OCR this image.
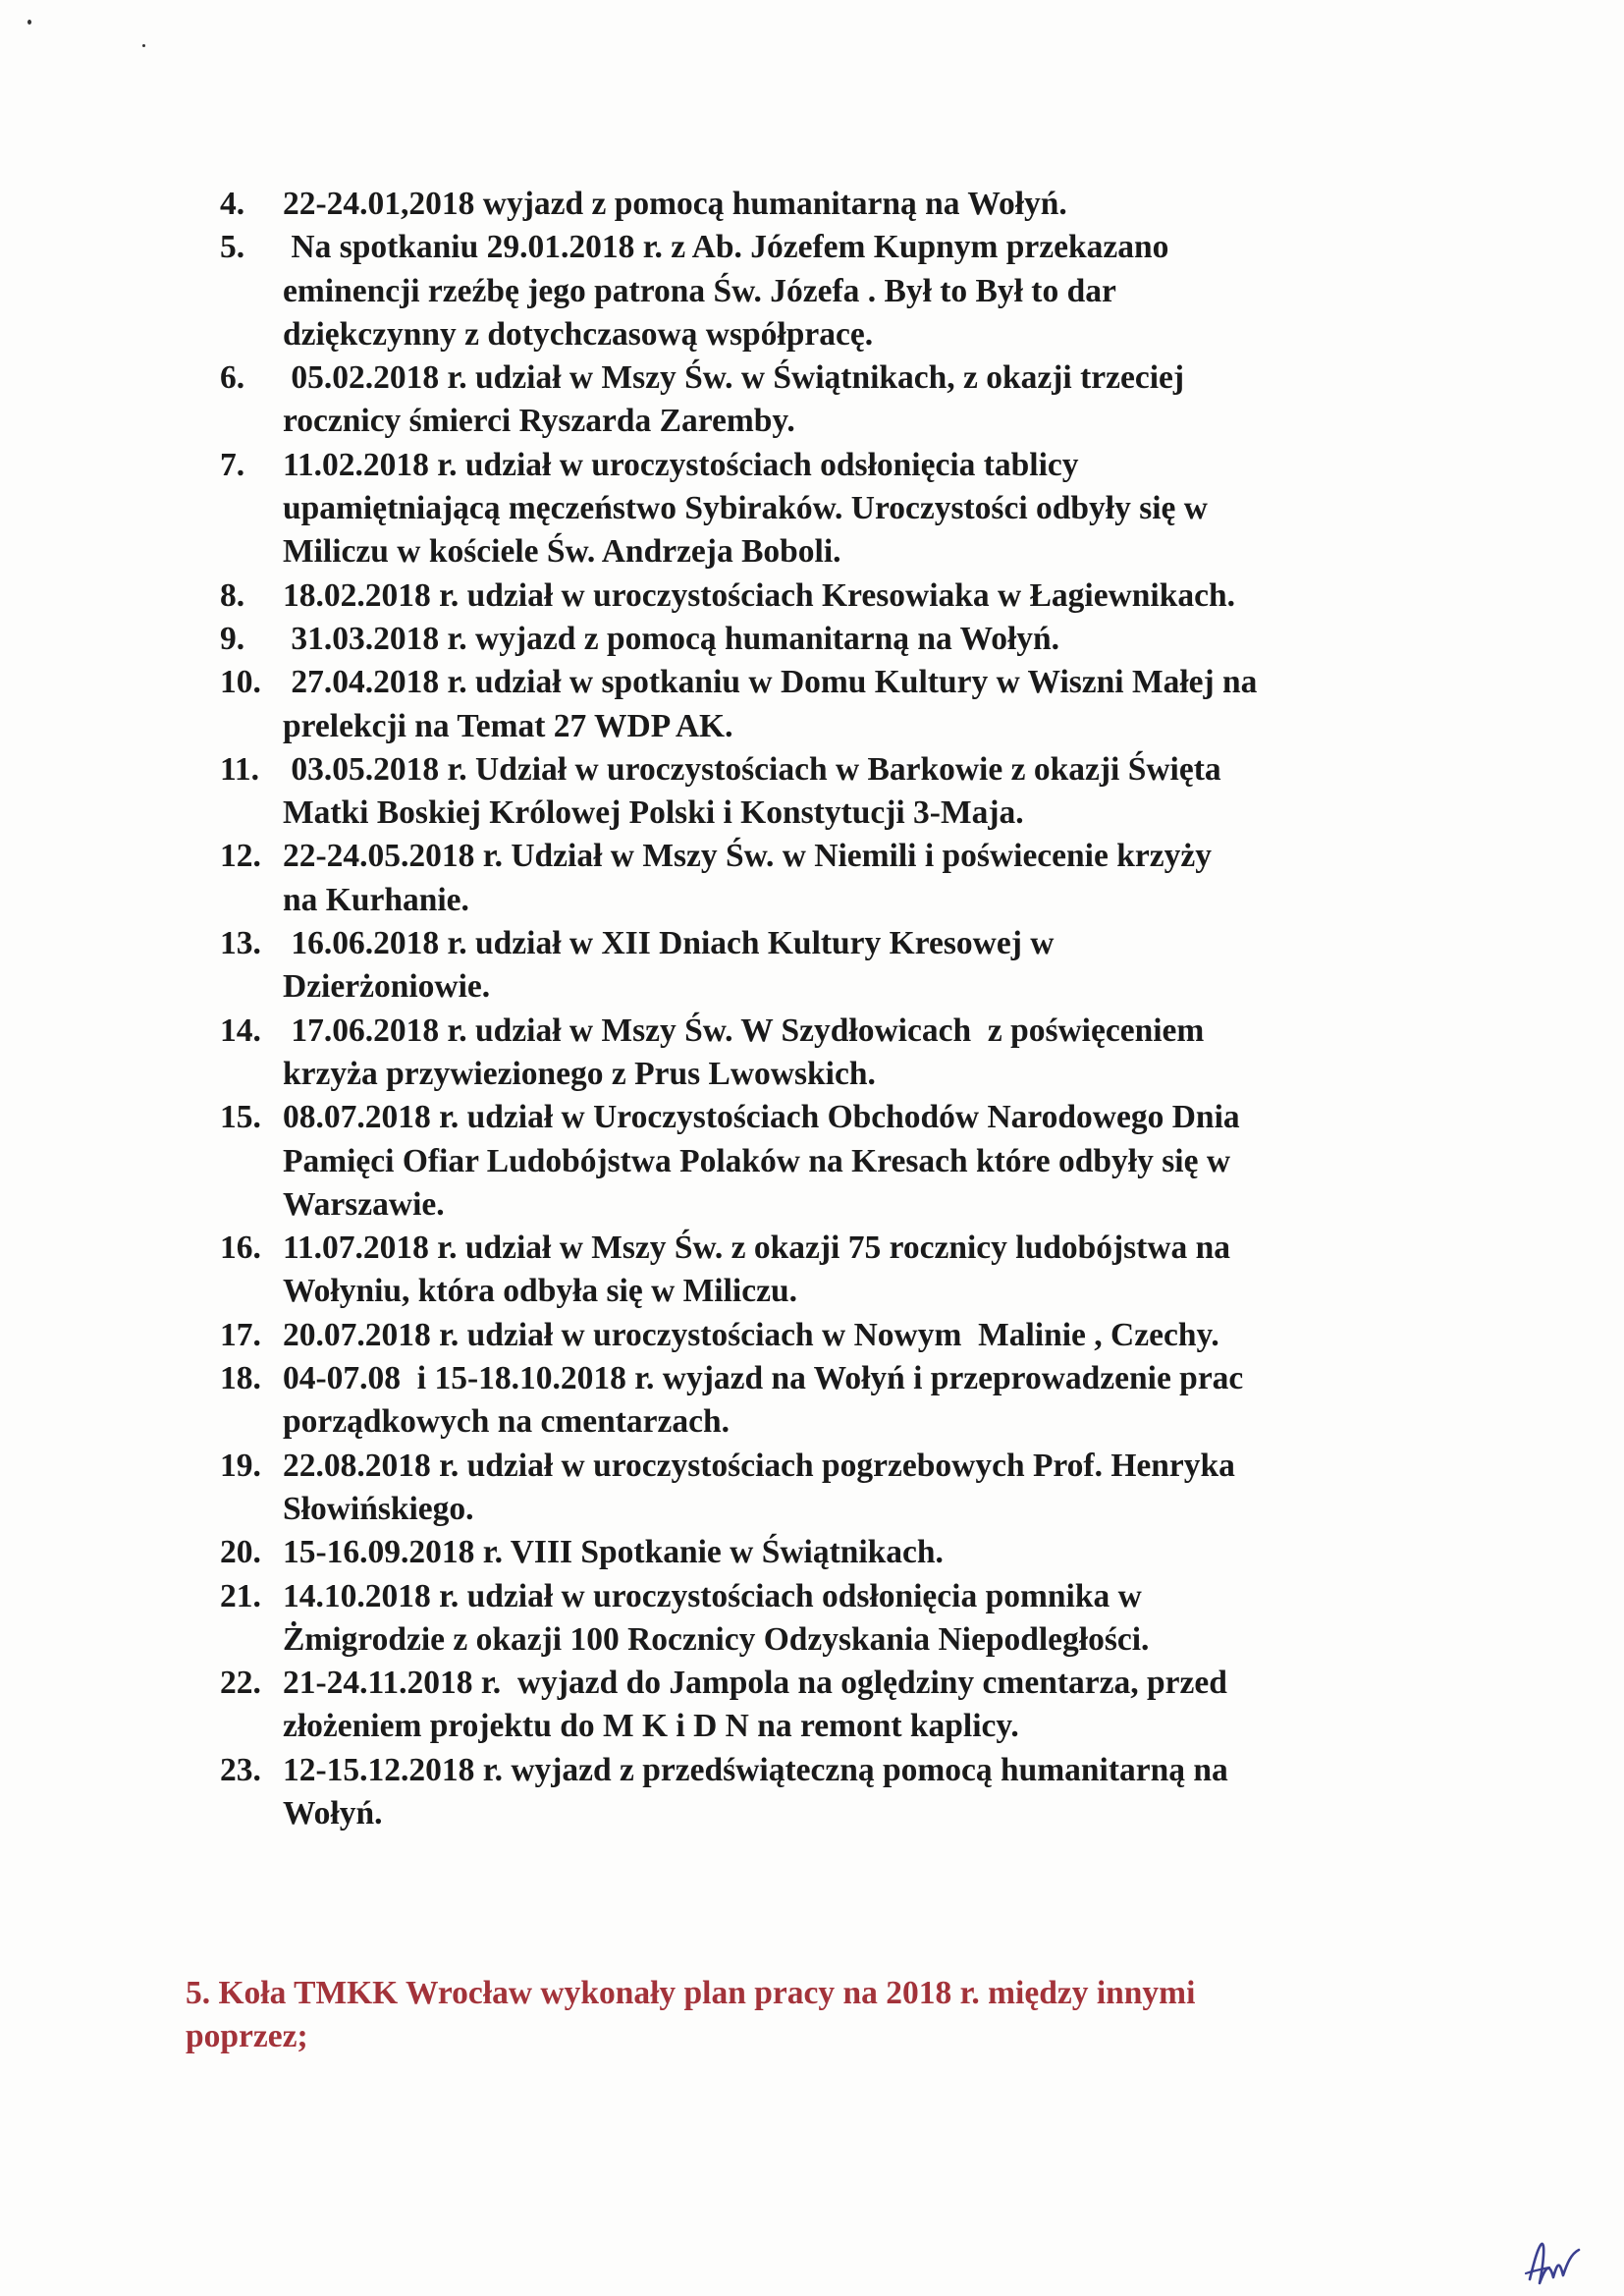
4.	22-24.01,2018 wyjazd z pomocą humanitarną na Wołyń.
5.	Na spotkaniu 29.01.2018 r. z Ab. Józefem Kupnym przekazano
eminencji rzeźbę jego patrona Św. Józefa . Był to Był to dar
dziękczynny z dotychczasową współpracę.
6.	05.02.2018 r. udział w Mszy Św. w Świątnikach, z okazji trzeciej
rocznicy śmierci Ryszarda Zaremby.
7.	11.02.2018 r. udział w uroczystościach odsłonięcia tablicy
upamiętniającą męczeństwo Sybiraków. Uroczystości odbyły się w
Miliczu w kościele Św. Andrzeja Boboli.
8.	18.02.2018 r. udział w uroczystościach Kresowiaka w Łagiewnikach.
9.	31.03.2018 r. wyjazd z pomocą humanitarną na Wołyń.
10. 27.04.2018 r. udział w spotkaniu w Domu Kultury w Wiszni Małej na
prelekcji na Temat 27 WDP AK.
11. 03.05.2018 r. Udział w uroczystościach w Barkowie z okazji Święta
Matki Boskiej Królowej Polski i Konstytucji 3-Maja.
12. 22-24.05.2018 r. Udział w Mszy Św. w Niemili i poświecenie krzyży
na Kurhanie.
13. 16.06.2018 r. udział w XII Dniach Kultury Kresowej w
Dzierżoniowie.
14. 17.06.2018 r. udział w Mszy Św. W Szydłowicach  z poświęceniem
krzyża przywiezionego z Prus Lwowskich.
15. 08.07.2018 r. udział w Uroczystościach Obchodów Narodowego Dnia
Pamięci Ofiar Ludobójstwa Polaków na Kresach które odbyły się w
Warszawie.
16. 11.07.2018 r. udział w Mszy Św. z okazji 75 rocznicy ludobójstwa na
Wołyniu, która odbyła się w Miliczu.
17. 20.07.2018 r. udział w uroczystościach w Nowym  Malinie , Czechy.
18. 04-07.08  i 15-18.10.2018 r. wyjazd na Wołyń i przeprowadzenie prac
porządkowych na cmentarzach.
19. 22.08.2018 r. udział w uroczystościach pogrzebowych Prof. Henryka
Słowińskiego.
20. 15-16.09.2018 r. VIII Spotkanie w Świątnikach.
21. 14.10.2018 r. udział w uroczystościach odsłonięcia pomnika w
Żmigrodzie z okazji 100 Rocznicy Odzyskania Niepodległości.
22. 21-24.11.2018 r.  wyjazd do Jampola na oględziny cmentarza, przed
złożeniem projektu do M K i D N na remont kaplicy.
23. 12-15.12.2018 r. wyjazd z przedświąteczną pomocą humanitarną na
Wołyń.
5. Koła TMKK Wrocław wykonały plan pracy na 2018 r. między innymi
poprzez;
